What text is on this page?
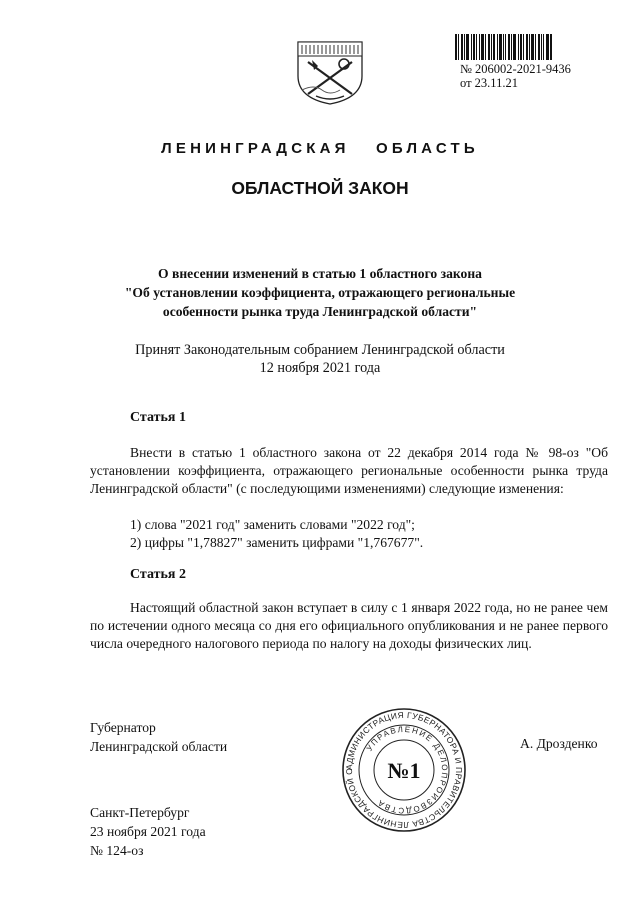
№ 206002-2021-9436
от 23.11.21
ЛЕНИНГРАДСКАЯ ОБЛАСТЬ
ОБЛАСТНОЙ ЗАКОН
О внесении изменений в статью 1 областного закона
"Об установлении коэффициента, отражающего региональные
особенности рынка труда Ленинградской области"
Принят Законодательным собранием Ленинградской области
12 ноября 2021 года
Статья 1
Внести в статью 1 областного закона от 22 декабря 2014 года № 98-оз "Об установлении коэффициента, отражающего региональные особенности рынка труда Ленинградской области" (с последующими изменениями) следующие изменения:
1) слова "2021 год" заменить словами "2022 год";
2) цифры "1,78827" заменить цифрами "1,767677".
Статья 2
Настоящий областной закон вступает в силу с 1 января 2022 года, но не ранее чем по истечении одного месяца со дня его официального опубликования и не ранее первого числа очередного налогового периода по налогу на доходы физических лиц.
Губернатор
Ленинградской области	А. Дрозденко
АДМИНИСТРАЦИЯ ГУБЕРНАТОРА И ПРАВИТЕЛЬСТВА ЛЕНИНГРАДСКОЙ О
УПРАВЛЕНИЕ ДЕЛОПРОИЗВОДСТВА
№1
Санкт-Петербург
23 ноября 2021 года
№ 124-оз
